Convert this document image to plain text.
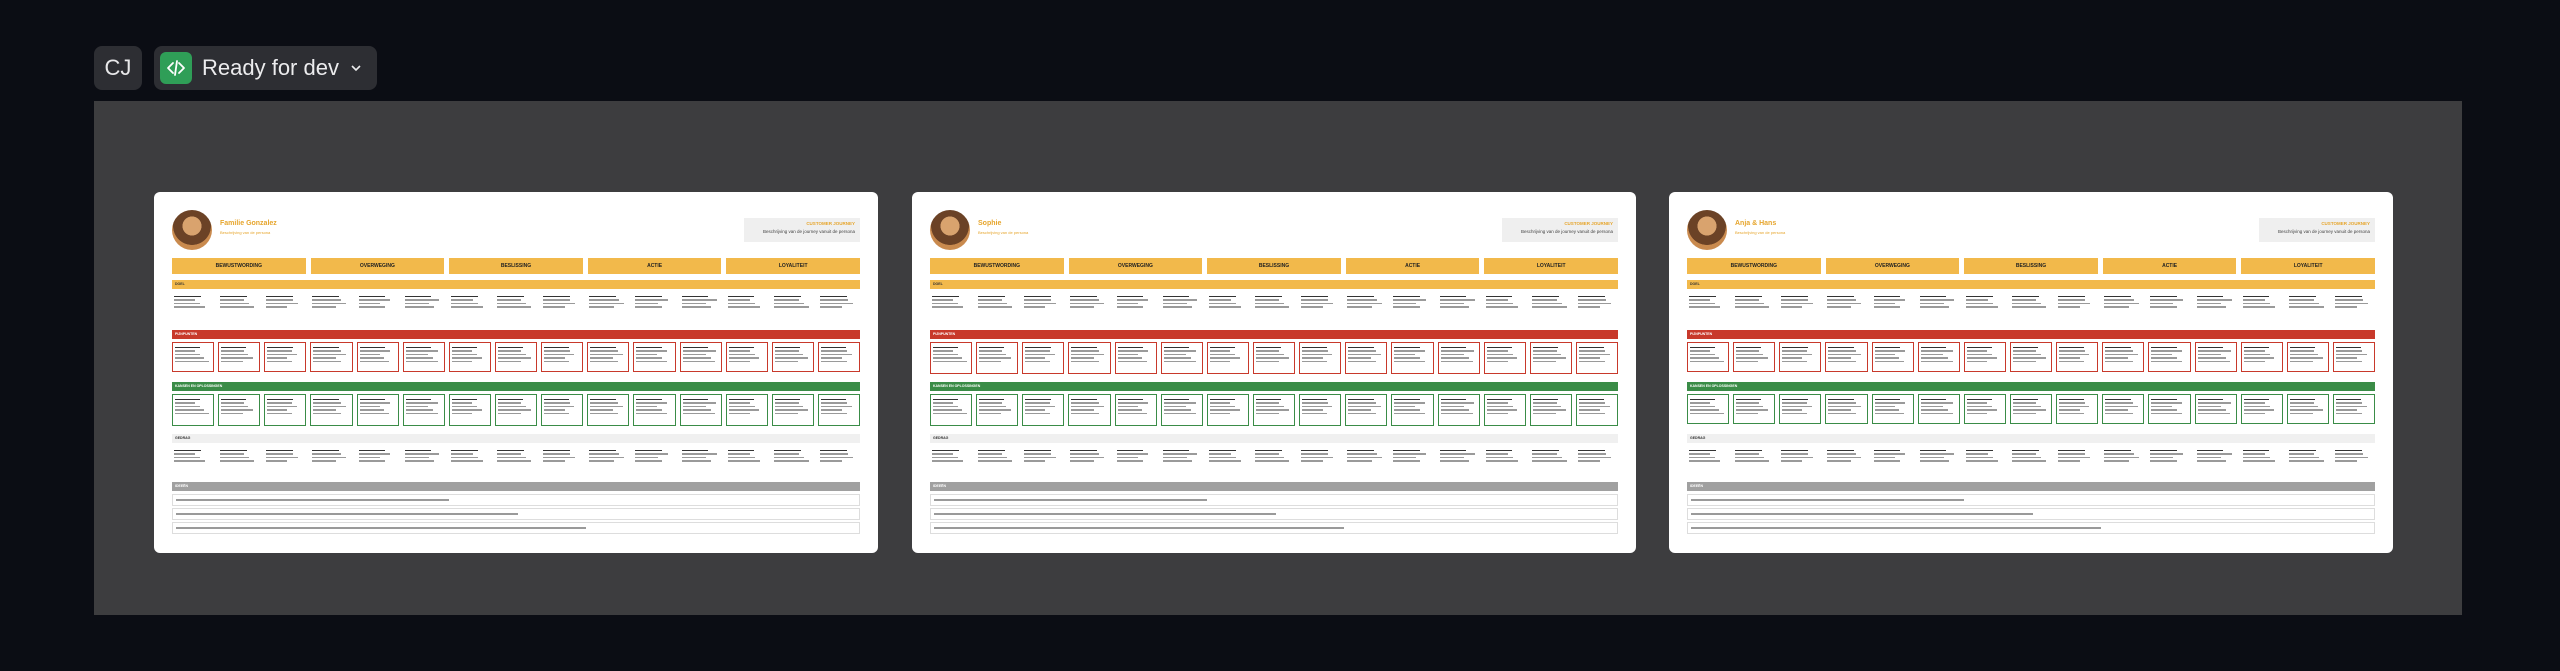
CJ	Ready for dev
Familie Gonzalez
Beschrijving van de persona
CUSTOMER JOURNEY
Beschrijving van de journey vanuit de persona
BEWUSTWORDING	OVERWEGING	BESLISSING	ACTIE	LOYALITEIT
DOEL
PIJNPUNTEN
KANSEN EN OPLOSSINGEN
GEDRAG
IDEEËN
Sophie
Beschrijving van de persona
CUSTOMER JOURNEY
Beschrijving van de journey vanuit de persona
BEWUSTWORDING	OVERWEGING	BESLISSING	ACTIE	LOYALITEIT
DOEL
PIJNPUNTEN
KANSEN EN OPLOSSINGEN
GEDRAG
IDEEËN
Anja & Hans
Beschrijving van de persona
CUSTOMER JOURNEY
Beschrijving van de journey vanuit de persona
BEWUSTWORDING	OVERWEGING	BESLISSING	ACTIE	LOYALITEIT
DOEL
PIJNPUNTEN
KANSEN EN OPLOSSINGEN
GEDRAG
IDEEËN
